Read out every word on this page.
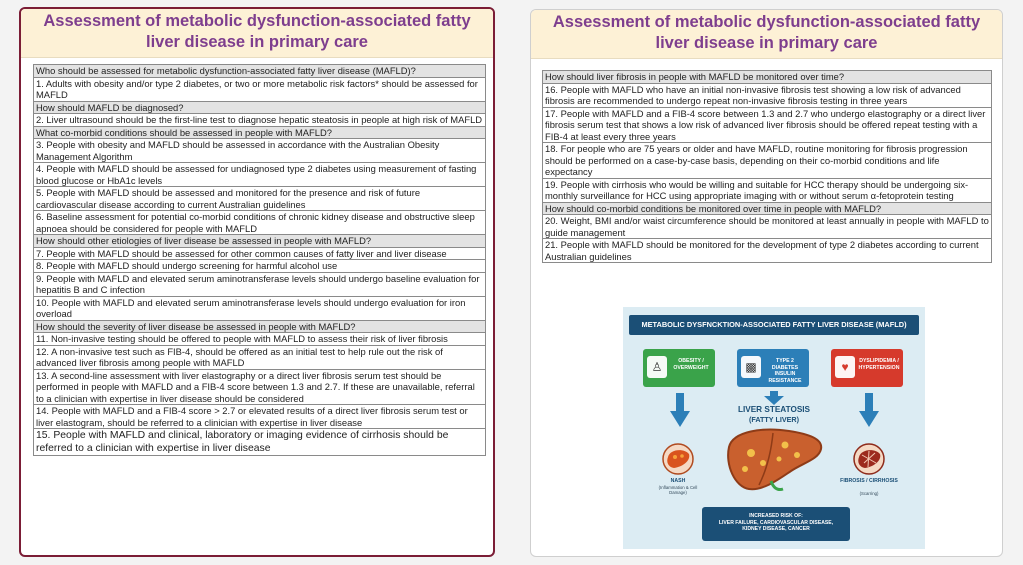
Assessment of metabolic dysfunction-associated fatty liver disease in primary care
Who should be assessed for metabolic dysfunction-associated fatty liver disease (MAFLD)?
1. Adults with obesity and/or type 2 diabetes, or two or more metabolic risk factors* should be assessed for MAFLD
How should MAFLD be diagnosed?
2. Liver ultrasound should be the first-line test to diagnose hepatic steatosis in people at high risk of MAFLD
What co-morbid conditions should be assessed in people with MAFLD?
3. People with obesity and MAFLD should be assessed in accordance with the Australian Obesity Management Algorithm
4. People with MAFLD should be assessed for undiagnosed type 2 diabetes using measurement of fasting blood glucose or HbA1c levels
5. People with MAFLD should be assessed and monitored for the presence and risk of future cardiovascular disease according to current Australian guidelines
6. Baseline assessment for potential co-morbid conditions of chronic kidney disease and obstructive sleep apnoea should be considered for people with MAFLD
How should other etiologies of liver disease be assessed in people with MAFLD?
7. People with MAFLD should be assessed for other common causes of fatty liver and liver disease
8. People with MAFLD should undergo screening for harmful alcohol use
9. People with MAFLD and elevated serum aminotransferase levels should undergo baseline evaluation for hepatitis B and C infection
10. People with MAFLD and elevated serum aminotransferase levels should undergo evaluation for iron overload
How should the severity of liver disease be assessed in people with MAFLD?
11. Non-invasive testing should be offered to people with MAFLD to assess their risk of liver fibrosis
12. A non-invasive test such as FIB-4, should be offered as an initial test to help rule out the risk of advanced liver fibrosis among people with MAFLD
13. A second-line assessment with liver elastography or a direct liver fibrosis serum test should be performed in people with MAFLD and a FIB-4 score between 1.3 and 2.7. If these are unavailable, referral to a clinician with expertise in liver disease should be considered
14. People with MAFLD and a FIB-4 score > 2.7 or elevated results of a direct liver fibrosis serum test or liver elastogram, should be referred to a clinician with expertise in liver disease
15. People with MAFLD and clinical, laboratory or imaging evidence of cirrhosis should be referred to a clinician with expertise in liver disease
Assessment of metabolic dysfunction-associated fatty liver disease in primary care
How should liver fibrosis in people with MAFLD be monitored over time?
16. People with MAFLD who have an initial non-invasive fibrosis test showing a low risk of advanced fibrosis are recommended to undergo repeat non-invasive fibrosis testing in three years
17. People with MAFLD and a FIB-4 score between 1.3 and 2.7 who undergo elastography or a direct liver fibrosis serum test that shows a low risk of advanced liver fibrosis should be offered repeat testing with a FIB-4 at least every three years
18. For people who are 75 years or older and have MAFLD, routine monitoring for fibrosis progression should be performed on a case-by-case basis, depending on their co-morbid conditions and life expectancy
19. People with cirrhosis who would be willing and suitable for HCC therapy should be undergoing six-monthly surveillance for HCC using appropriate imaging with or without serum α-fetoprotein testing
How should co-morbid conditions be monitored over time in people with MAFLD?
20. Weight, BMI and/or waist circumference should be monitored at least annually in people with MAFLD to guide management
21. People with MAFLD should be monitored for the development of type 2 diabetes according to current Australian guidelines
METABOLIC DYSFNCKTION-ASSOCIATED FATTY LIVER DISEASE (MAFLD)
♙	OBESITY / OVERWEIGHT	▩	TYPE 2 DIABETES INSULIN RESISTANCE
♥	DYSLIPIDEMIA / HYPERTENSION
LIVER STEATOSIS
(FATTY LIVER)
NASH
(Inflammation & Cell Damage)
FIBROSIS / CIRRHOSIS
(Scarring)
INCREASED RISK OF:
LIVER FAILURE, CARDIOVASCULAR DISEASE,
KIDNEY DISEASE, CANCER
